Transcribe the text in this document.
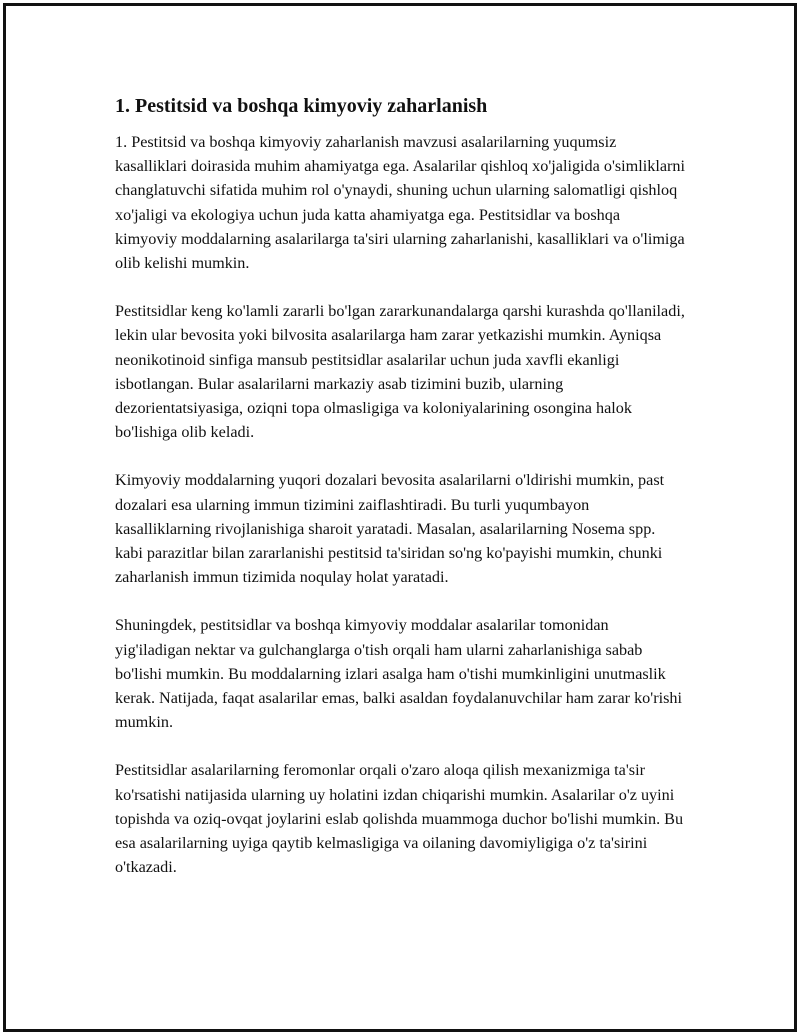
1. Pestitsid va boshqa kimyoviy zaharlanish

1. Pestitsid va boshqa kimyoviy zaharlanish mavzusi asalarilarning yuqumsiz kasalliklari doirasida muhim ahamiyatga ega. Asalarilar qishloq xo'jaligida o'simliklarni changlatuvchi sifatida muhim rol o'ynaydi, shuning uchun ularning salomatligi qishloq xo'jaligi va ekologiya uchun juda katta ahamiyatga ega. Pestitsidlar va boshqa kimyoviy moddalarning asalarilarga ta'siri ularning zaharlanishi, kasalliklari va o'limiga olib kelishi mumkin.

Pestitsidlar keng ko'lamli zararli bo'lgan zararkunandalarga qarshi kurashda qo'llaniladi, lekin ular bevosita yoki bilvosita asalarilarga ham zarar yetkazishi mumkin. Ayniqsa neonikotinoid sinfiga mansub pestitsidlar asalarilar uchun juda xavfli ekanligi isbotlangan. Bular asalarilarni markaziy asab tizimini buzib, ularning dezorientatsiyasiga, oziqni topa olmasligiga va koloniyalarining osongina halok bo'lishiga olib keladi.

Kimyoviy moddalarning yuqori dozalari bevosita asalarilarni o'ldirishi mumkin, past dozalari esa ularning immun tizimini zaiflashtiradi. Bu turli yuqumbayon kasalliklarning rivojlanishiga sharoit yaratadi. Masalan, asalarilarning Nosema spp. kabi parazitlar bilan zararlanishi pestitsid ta'siridan so'ng ko'payishi mumkin, chunki zaharlanish immun tizimida noqulay holat yaratadi.

Shuningdek, pestitsidlar va boshqa kimyoviy moddalar asalarilar tomonidan yig'iladigan nektar va gulchanglarga o'tish orqali ham ularni zaharlanishiga sabab bo'lishi mumkin. Bu moddalarning izlari asalga ham o'tishi mumkinligini unutmaslik kerak. Natijada, faqat asalarilar emas, balki asaldan foydalanuvchilar ham zarar ko'rishi mumkin.

Pestitsidlar asalarilarning feromonlar orqali o'zaro aloqa qilish mexanizmiga ta'sir ko'rsatishi natijasida ularning uy holatini izdan chiqarishi mumkin. Asalarilar o'z uyini topishda va oziq-ovqat joylarini eslab qolishda muammoga duchor bo'lishi mumkin. Bu esa asalarilarning uyiga qaytib kelmasligiga va oilaning davomiyligiga o'z ta'sirini o'tkazadi.
